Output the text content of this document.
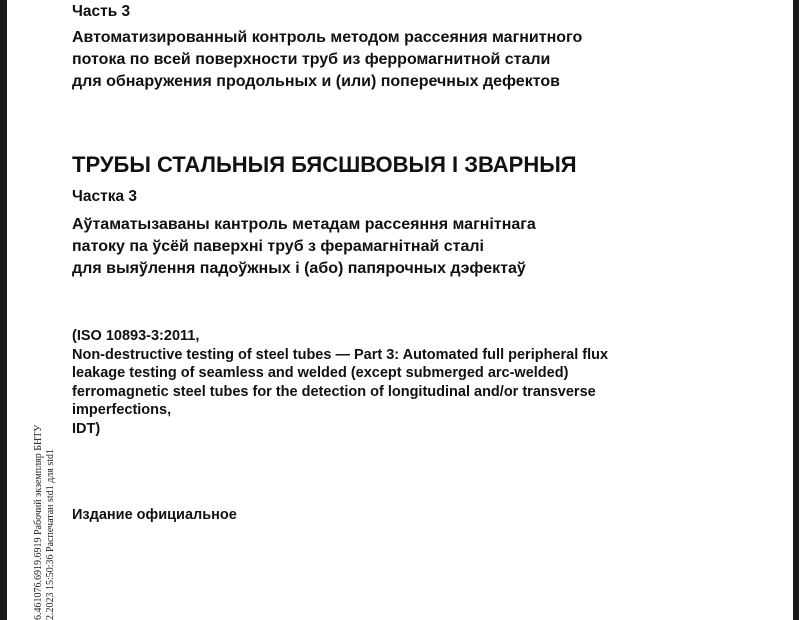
Часть 3
Автоматизированный контроль методом рассеяния магнитного
потока по всей поверхности труб из ферромагнитной стали
для обнаружения продольных и (или) поперечных дефектов
ТРУБЫ СТАЛЬНЫЯ БЯСШВОВЫЯ І ЗВАРНЫЯ
Частка 3
Аўтаматызаваны кантроль метадам рассеяння магнітнага
патоку па ўсёй паверхні труб з ферамагнітнай сталі
для выяўлення падоўжных і (або) папярочных дэфектаў
(ISO 10893-3:2011,
Non-destructive testing of steel tubes — Part 3: Automated full peripheral flux
leakage testing of seamless and welded (except submerged arc-welded)
ferromagnetic steel tubes for the detection of longitudinal and/or transverse
imperfections,
IDT)
Издание официальное
6.461076.6919.6919 Рабочий экземпляр БНТУ 2.2023 15:50:36 Распечатан std1 для std1
